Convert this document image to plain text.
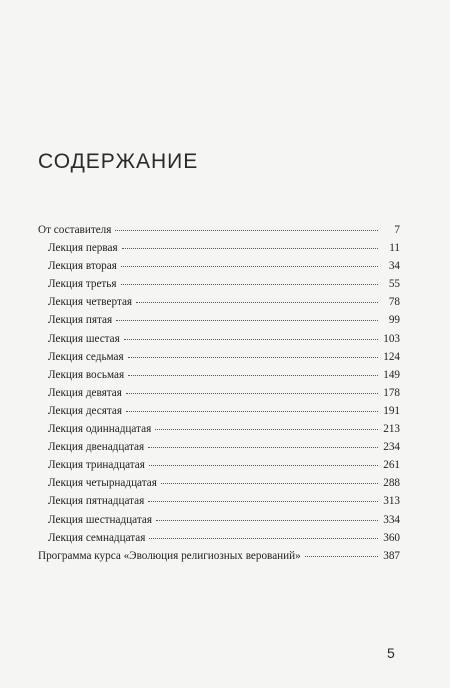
СОДЕРЖАНИЕ
От составителя	7
Лекция первая	11
Лекция вторая	34
Лекция третья	55
Лекция четвертая	78
Лекция пятая	99
Лекция шестая	103
Лекция седьмая	124
Лекция восьмая	149
Лекция девятая	178
Лекция десятая	191
Лекция одиннадцатая	213
Лекция двенадцатая	234
Лекция тринадцатая	261
Лекция четырнадцатая	288
Лекция пятнадцатая	313
Лекция шестнадцатая	334
Лекция семнадцатая	360
Программа курса «Эволюция религиозных верований»	387
5
